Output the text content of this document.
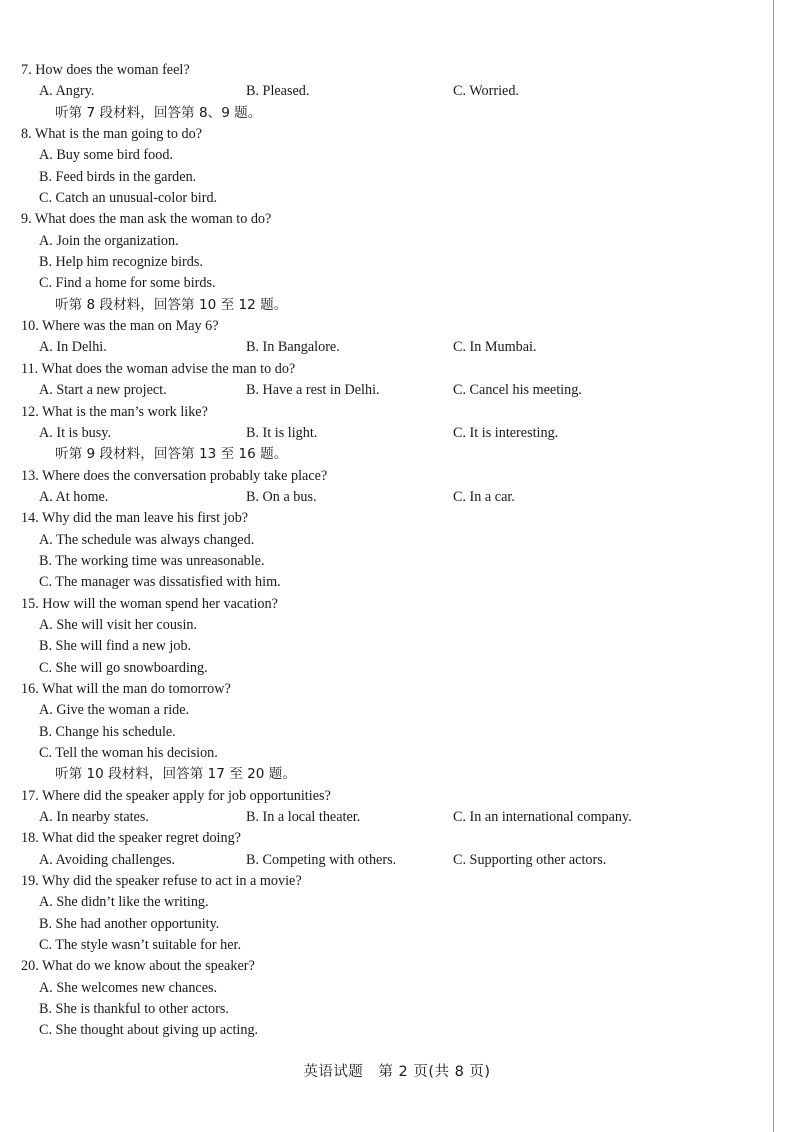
7. How does the woman feel?
A. Angry.	B. Pleased.	C. Worried.
听第 7 段材料，回答第 8、9 题。
8. What is the man going to do?
A. Buy some bird food.
B. Feed birds in the garden.
C. Catch an unusual-color bird.
9. What does the man ask the woman to do?
A. Join the organization.
B. Help him recognize birds.
C. Find a home for some birds.
听第 8 段材料，回答第 10 至 12 题。
10. Where was the man on May 6?
A. In Delhi.	B. In Bangalore.	C. In Mumbai.
11. What does the woman advise the man to do?
A. Start a new project.	B. Have a rest in Delhi.	C. Cancel his meeting.
12. What is the man’s work like?
A. It is busy.	B. It is light.	C. It is interesting.
听第 9 段材料，回答第 13 至 16 题。
13. Where does the conversation probably take place?
A. At home.	B. On a bus.	C. In a car.
14. Why did the man leave his first job?
A. The schedule was always changed.
B. The working time was unreasonable.
C. The manager was dissatisfied with him.
15. How will the woman spend her vacation?
A. She will visit her cousin.
B. She will find a new job.
C. She will go snowboarding.
16. What will the man do tomorrow?
A. Give the woman a ride.
B. Change his schedule.
C. Tell the woman his decision.
听第 10 段材料，回答第 17 至 20 题。
17. Where did the speaker apply for job opportunities?
A. In nearby states.	B. In a local theater.	C. In an international company.
18. What did the speaker regret doing?
A. Avoiding challenges.	B. Competing with others.	C. Supporting other actors.
19. Why did the speaker refuse to act in a movie?
A. She didn’t like the writing.
B. She had another opportunity.
C. The style wasn’t suitable for her.
20. What do we know about the speaker?
A. She welcomes new chances.
B. She is thankful to other actors.
C. She thought about giving up acting.
英语试题　第 2 页(共 8 页)
